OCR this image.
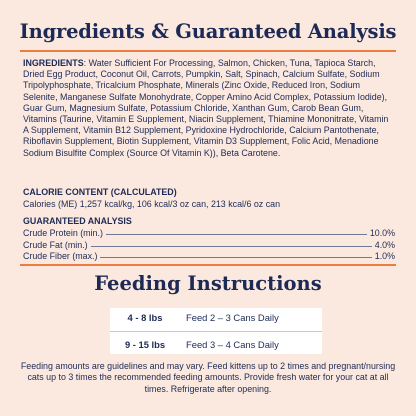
Ingredients & Guaranteed Analysis

INGREDIENTS: Water Sufficient For Processing, Salmon, Chicken, Tuna, Tapioca Starch, Dried Egg Product, Coconut Oil, Carrots, Pumpkin, Salt, Spinach, Calcium Sulfate, Sodium Tripolyphosphate, Tricalcium Phosphate, Minerals (Zinc Oxide, Reduced Iron, Sodium Selenite, Manganese Sulfate Monohydrate, Copper Amino Acid Complex, Potassium Iodide), Guar Gum, Magnesium Sulfate, Potassium Chloride, Xanthan Gum, Carob Bean Gum, Vitamins (Taurine, Vitamin E Supplement, Niacin Supplement, Thiamine Mononitrate, Vitamin A Supplement, Vitamin B12 Supplement, Pyridoxine Hydrochloride, Calcium Pantothenate, Riboflavin Supplement, Biotin Supplement, Vitamin D3 Supplement, Folic Acid, Menadione Sodium Bisulfite Complex (Source Of Vitamin K)), Beta Carotene.

CALORIE CONTENT (CALCULATED)
Calories (ME) 1,257 kcal/kg, 106 kcal/3 oz can, 213 kcal/6 oz can
GUARANTEED ANALYSIS
Crude Protein (min.)	10.0%
Crude Fat (min.)	4.0%
Crude Fiber (max.)	1.0%
Feeding Instructions
4 - 8 lbs	Feed 2 – 3 Cans Daily
9 - 15 lbs	Feed 3 – 4 Cans Daily

Feeding amounts are guidelines and may vary. Feed kittens up to 2 times and pregnant/nursing cats up to 3 times the recommended feeding amounts. Provide fresh water for your cat at all times. Refrigerate after opening.
